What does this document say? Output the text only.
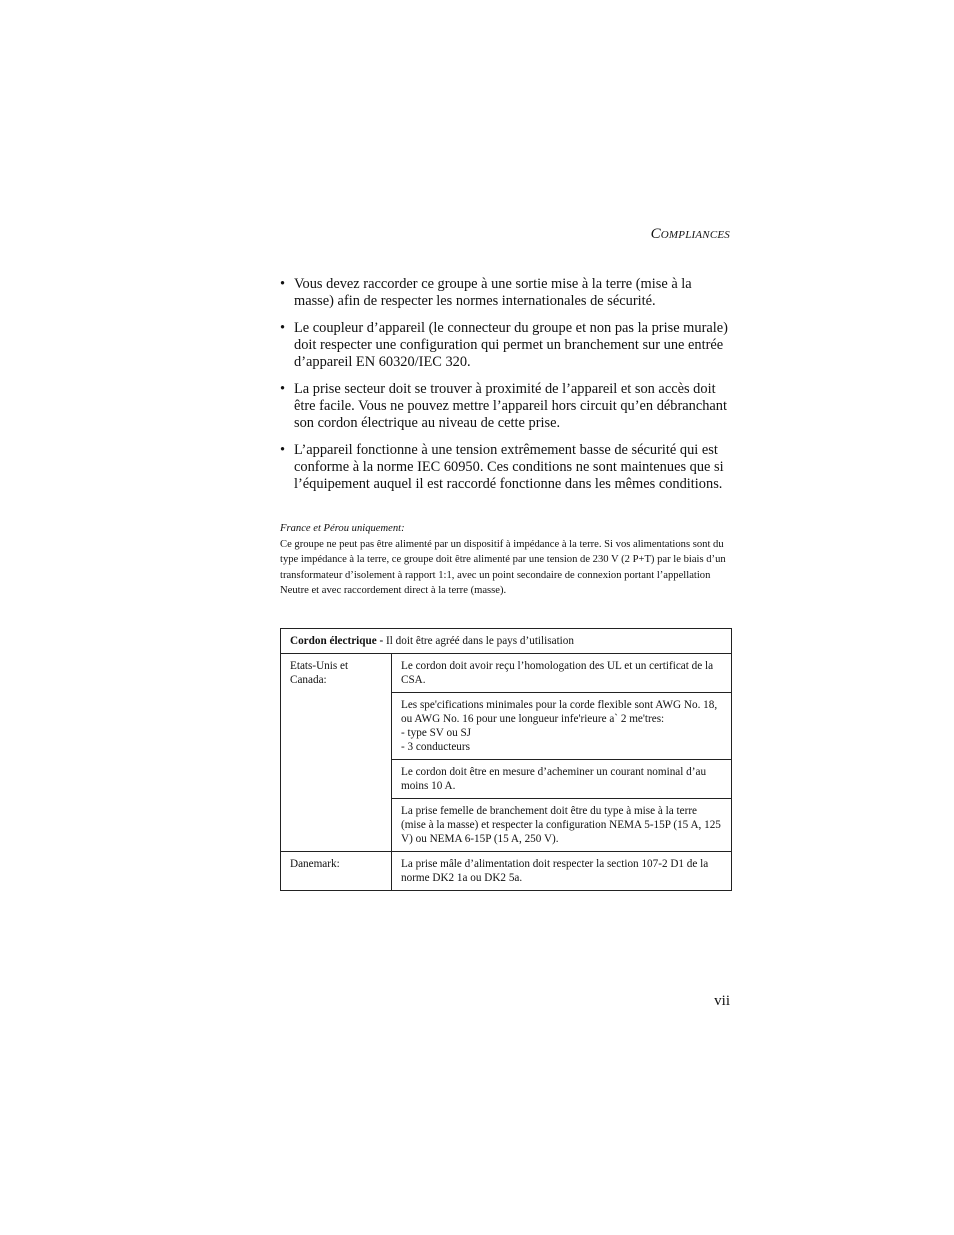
Compliances
• Vous devez raccorder ce groupe à une sortie mise à la terre (mise à la masse) afin de respecter les normes internationales de sécurité.
• Le coupleur d’appareil (le connecteur du groupe et non pas la prise murale) doit respecter une configuration qui permet un branchement sur une entrée d’appareil EN 60320/IEC 320.
• La prise secteur doit se trouver à proximité de l’appareil et son accès doit être facile. Vous ne pouvez mettre l’appareil hors circuit qu’en débranchant son cordon électrique au niveau de cette prise.
• L’appareil fonctionne à une tension extrêmement basse de sécurité qui est conforme à la norme IEC 60950. Ces conditions ne sont maintenues que si l’équipement auquel il est raccordé fonctionne dans les mêmes conditions.
France et Pérou uniquement:
Ce groupe ne peut pas être alimenté par un dispositif à impédance à la terre. Si vos alimentations sont du type impédance à la terre, ce groupe doit être alimenté par une tension de 230 V (2 P+T) par le biais d’un transformateur d’isolement à rapport 1:1, avec un point secondaire de connexion portant l’appellation Neutre et avec raccordement direct à la terre (masse).
Cordon électrique - Il doit être agréé dans le pays d’utilisation	
Etats-Unis et Canada:	Le cordon doit avoir reçu l’homologation des UL et un certificat de la CSA.

	Les spe'cifications minimales pour la corde flexible sont AWG No. 18, ou AWG No. 16 pour une longueur infe'rieure a` 2 me'tres:
- type SV ou SJ
- 3 conducteurs

	Le cordon doit être en mesure d’acheminer un courant nominal d’au moins 10 A.
	La prise femelle de branchement doit être du type à mise à la terre (mise à la masse) et respecter la configuration NEMA 5-15P (15 A, 125 V) ou NEMA 6-15P (15 A, 250 V).
Danemark:	La prise mâle d’alimentation doit respecter la section 107-2 D1 de la norme DK2 1a ou DK2 5a.
vii
